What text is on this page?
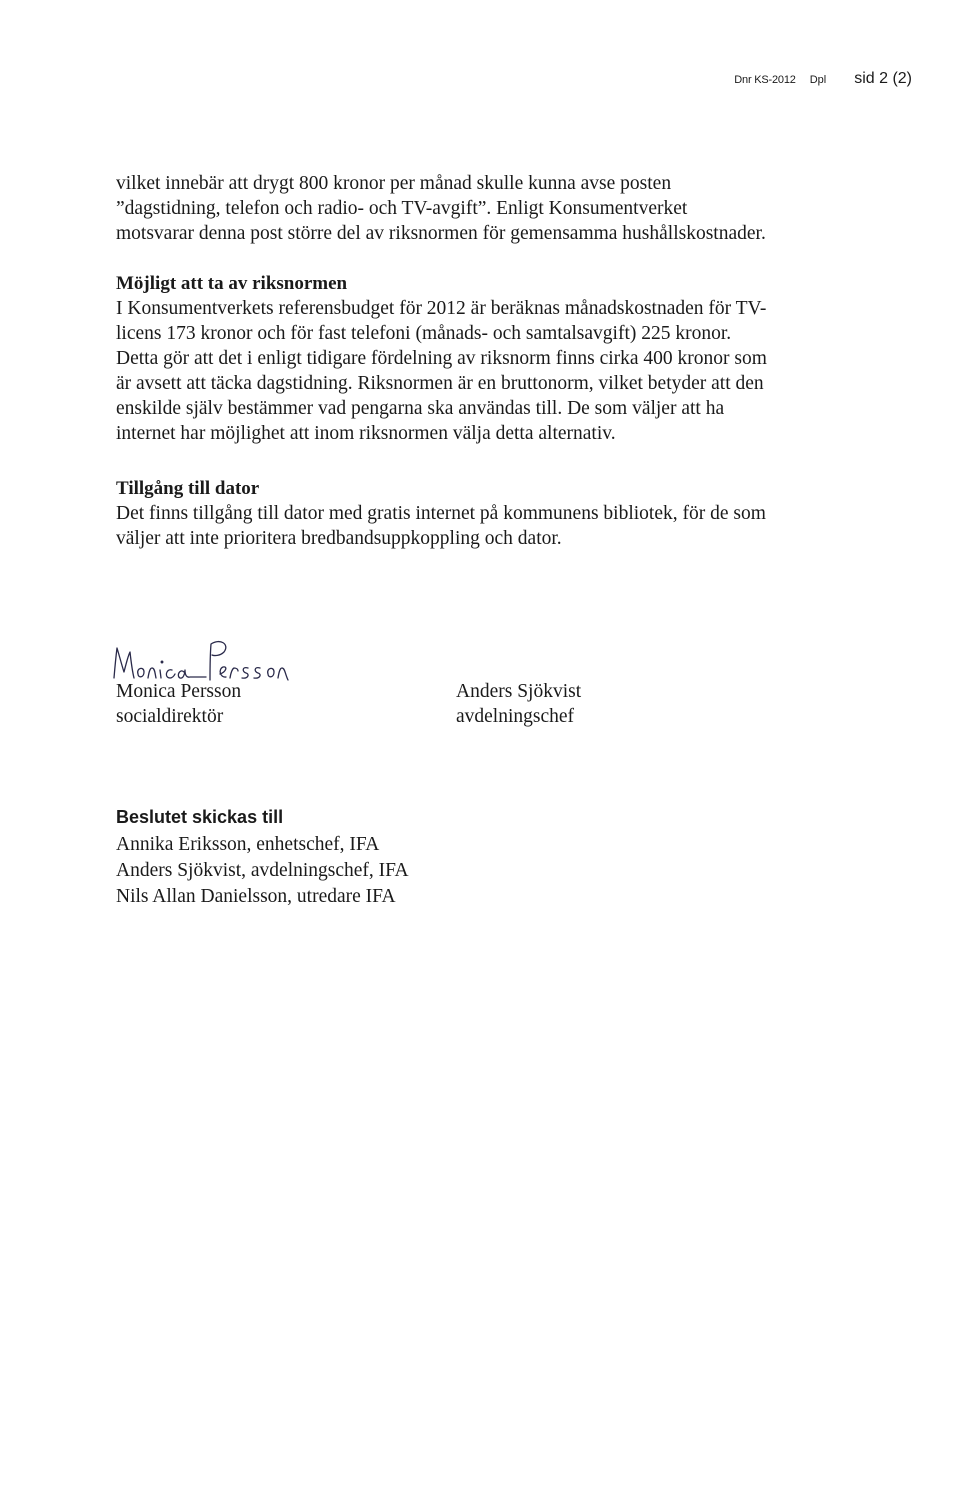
Dnr KS-2012 Dpl sid 2 (2)
vilket innebär att drygt 800 kronor per månad skulle kunna avse posten
”dagstidning, telefon och radio- och TV-avgift”. Enligt Konsumentverket
motsvarar denna post större del av riksnormen för gemensamma hushållskostnader.
Möjligt att ta av riksnormen
I Konsumentverkets referensbudget för 2012 är beräknas månadskostnaden för TV-
licens 173 kronor och för fast telefoni (månads- och samtalsavgift) 225 kronor.
Detta gör att det i enligt tidigare fördelning av riksnorm finns cirka 400 kronor som
är avsett att täcka dagstidning. Riksnormen är en bruttonorm, vilket betyder att den
enskilde själv bestämmer vad pengarna ska användas till. De som väljer att ha
internet har möjlighet att inom riksnormen välja detta alternativ.
Tillgång till dator
Det finns tillgång till dator med gratis internet på kommunens bibliotek, för de som
väljer att inte prioritera bredbandsuppkoppling och dator.
Monica Persson
socialdirektör
Anders Sjökvist
avdelningschef
Beslutet skickas till
Annika Eriksson, enhetschef, IFA
Anders Sjökvist, avdelningschef, IFA
Nils Allan Danielsson, utredare IFA
